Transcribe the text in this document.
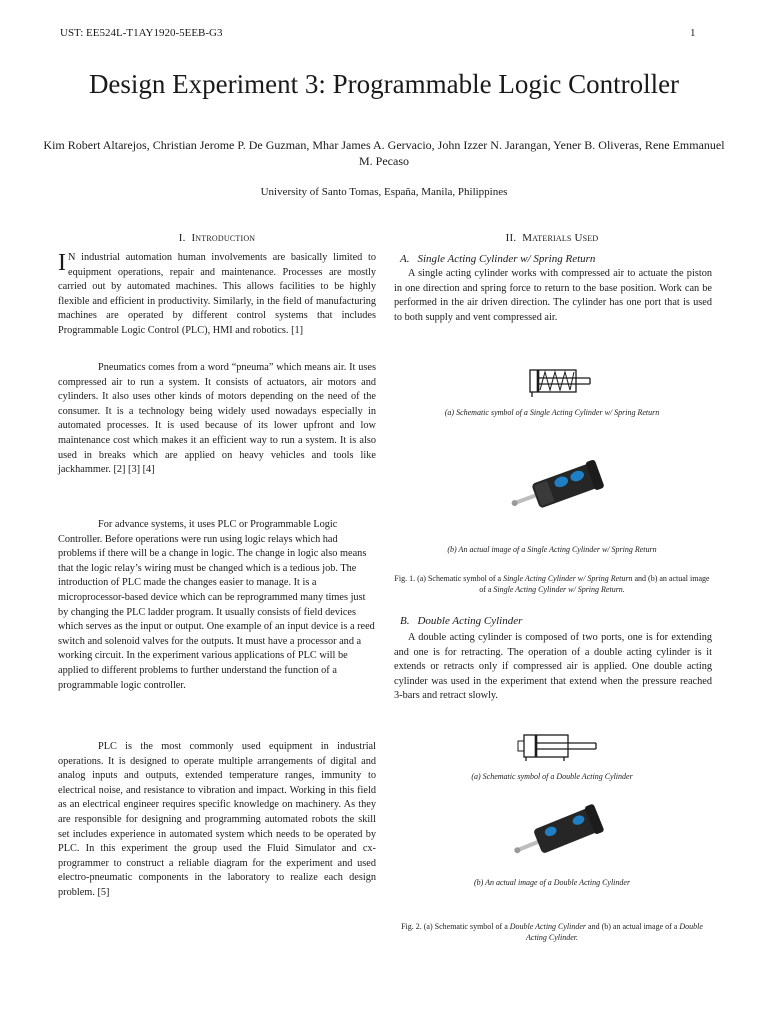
UST: EE524L-T1AY1920-5EEB-G3	1
Design Experiment 3: Programmable Logic Controller
Kim Robert Altarejos, Christian Jerome P. De Guzman, Mhar James A. Gervacio, John Izzer N. Jarangan, Yener B. Oliveras, Rene Emmanuel M. Pecaso
University of Santo Tomas, España, Manila, Philippines
I. Introduction
I N industrial automation human involvements are basically limited to equipment operations, repair and maintenance. Processes are mostly carried out by automated machines. This allows facilities to be highly flexible and efficient in productivity. Similarly, in the field of manufacturing machines are operated by different control systems that includes Programmable Logic Control (PLC), HMI and robotics. [1]
Pneumatics comes from a word “pneuma” which means air. It uses compressed air to run a system. It consists of actuators, air motors and cylinders. It also uses other kinds of motors depending on the need of the consumer. It is a technology being widely used nowadays especially in automated processes. It is used because of its lower upfront and low maintenance cost which makes it an efficient way to run a system. It is also used in breaks which are applied on heavy vehicles and tools like jackhammer. [2] [3] [4]
For advance systems, it uses PLC or Programmable Logic Controller. Before operations were run using logic relays which had problems if there will be a change in logic. The change in logic also means that the logic relay’s wiring must be changed which is a tedious job. The introduction of PLC made the changes easier to manage. It is a microprocessor-based device which can be reprogrammed many times just by changing the PLC ladder program. It usually consists of field devices which serves as the input or output. One example of an input device is a reed switch and solenoid valves for the outputs. It must have a processor and a working circuit. In the experiment various applications of PLC will be applied to different problems to further understand the function of a programmable logic controller.
PLC is the most commonly used equipment in industrial operations. It is designed to operate multiple arrangements of digital and analog inputs and outputs, extended temperature ranges, immunity to electrical noise, and resistance to vibration and impact. Working in this field as an electrical engineer requires specific knowledge on machinery. As they are responsible for designing and programming automated robots the skill set includes experience in automated system which needs to be operated by PLC. In this experiment the group used the Fluid Simulator and cx-programmer to construct a reliable diagram for the experiment and used electro-pneumatic components in the laboratory to realize each design problem. [5]
II. Materials Used
A. Single Acting Cylinder w/ Spring Return
A single acting cylinder works with compressed air to actuate the piston in one direction and spring force to return to the base position. Work can be performed in the air driven direction. The cylinder has one port that is used to both supply and vent compressed air.
(a) Schematic symbol of a Single Acting Cylinder w/ Spring Return
(b) An actual image of a Single Acting Cylinder w/ Spring Return
Fig. 1. (a) Schematic symbol of a Single Acting Cylinder w/ Spring Return and (b) an actual image of a Single Acting Cylinder w/ Spring Return.
B. Double Acting Cylinder
A double acting cylinder is composed of two ports, one is for extending and one is for retracting. The operation of a double acting cylinder is it extends or retracts only if compressed air is applied. One double acting cylinder was used in the experiment that extend when the pressure reached 3-bars and retract slowly.
(a) Schematic symbol of a Double Acting Cylinder
(b) An actual image of a Double Acting Cylinder
Fig. 2. (a) Schematic symbol of a Double Acting Cylinder and (b) an actual image of a Double Acting Cylinder.
